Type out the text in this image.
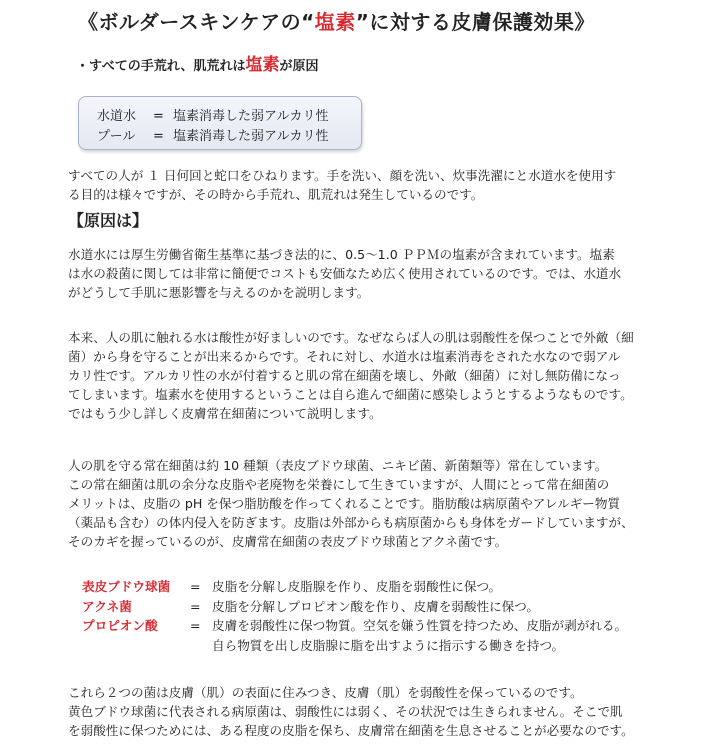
《ボルダースキンケアの“塩素”に対する皮膚保護効果》
・すべての手荒れ、肌荒れは塩素が原因
水道水 = 塩素消毒した弱アルカリ性
プール = 塩素消毒した弱アルカリ性
すべての人が １ 日何回と蛇口をひねります。手を洗い、顔を洗い、炊事洗濯にと水道水を使用す
る目的は様々ですが、その時から手荒れ、肌荒れは発生しているのです。
【原因は】
水道水には厚生労働省衛生基準に基づき法的に、0.5～1.0 ＰＰＭの塩素が含まれています。塩素
は水の殺菌に関しては非常に簡便でコストも安価なため広く使用されているのです。では、水道水
がどうして手肌に悪影響を与えるのかを説明します。
本来、人の肌に触れる水は酸性が好ましいのです。なぜならば人の肌は弱酸性を保つことで外敵（細
菌）から身を守ることが出来るからです。それに対し、水道水は塩素消毒をされた水なので弱アル
カリ性です。アルカリ性の水が付着すると肌の常在細菌を壊し、外敵（細菌）に対し無防備になっ
てしまいます。塩素水を使用するということは自ら進んで細菌に感染しようとするようなものです。
ではもう少し詳しく皮膚常在細菌について説明します。
人の肌を守る常在細菌は約 10 種類（表皮ブドウ球菌、ニキビ菌、新菌類等）常在しています。
この常在細菌は肌の余分な皮脂や老廃物を栄養にして生きていますが、人間にとって常在細菌の
メリットは、皮脂の pH を保つ脂肪酸を作ってくれることです。脂肪酸は病原菌やアレルギー物質
（薬品も含む）の体内侵入を防ぎます。皮脂は外部からも病原菌からも身体をガードしていますが、
そのカギを握っているのが、皮膚常在細菌の表皮ブドウ球菌とアクネ菌です。
表皮ブドウ球菌 = 皮脂を分解し皮脂腺を作り、皮脂を弱酸性に保つ。
アクネ菌	= 皮脂を分解しプロピオン酸を作り、皮膚を弱酸性に保つ。
プロピオン酸	= 皮膚を弱酸性に保つ物質。空気を嫌う性質を持つため、皮脂が剥がれる。
自ら物質を出し皮脂腺に脂を出すように指示する働きを持つ。
これら２つの菌は皮膚（肌）の表面に住みつき、皮膚（肌）を弱酸性を保っているのです。
黄色ブドウ球菌に代表される病原菌は、弱酸性には弱く、その状況では生きられません。そこで肌
を弱酸性に保つためには、ある程度の皮脂を保ち、皮膚常在細菌を生息させることが必要なのです。
